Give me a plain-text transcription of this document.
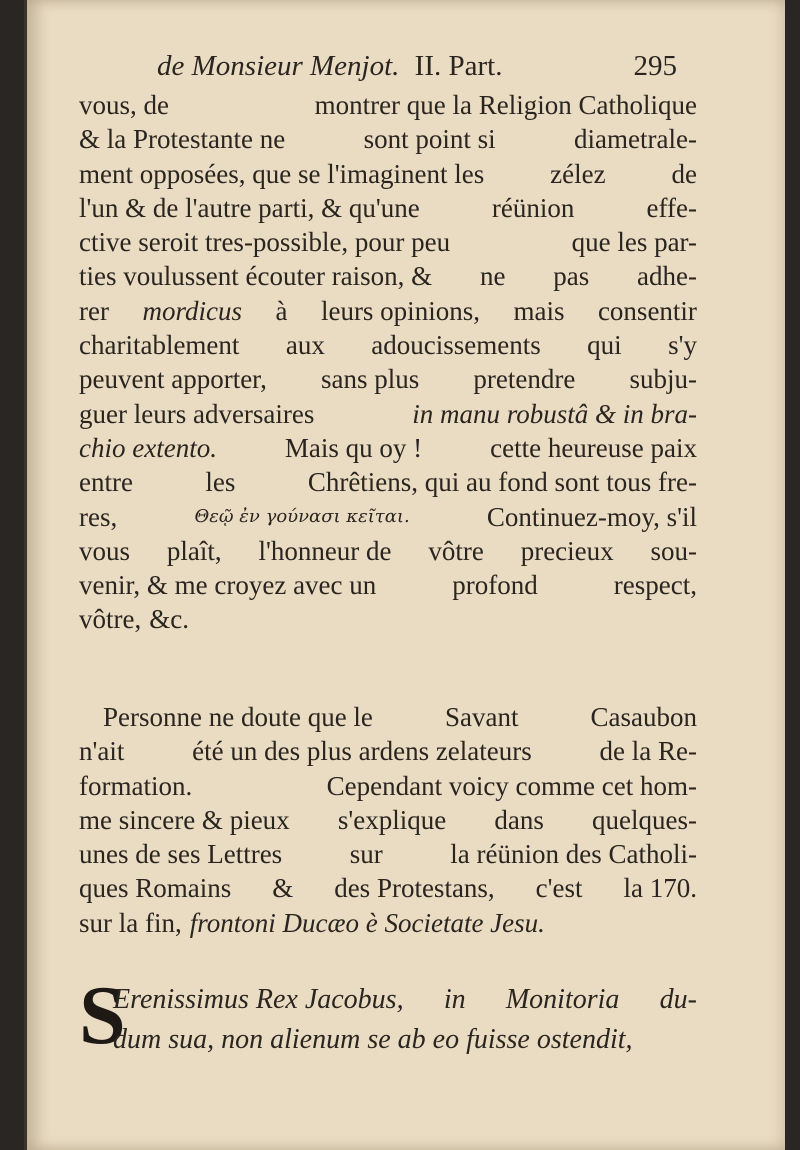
de Monsieur Menjot. II. Part.	295
vous, de	montrer que la Religion Catholique
& la Protestante ne	sont point si	diametrale-
ment opposées, que se l'imaginent les zélez de
l'un & de l'autre parti, & qu'une	réünion	effe-
ctive seroit tres-possible, pour peu	que les par-
ties voulussent écouter raison, & ne pas adhe-
rer mordicus à leurs opinions, mais consentir
charitablement aux adoucissements qui s'y
peuvent apporter, sans plus pretendre subju-
guer leurs adversaires	in manu robustâ & in bra-
chio extento.	Mais qu oy !	cette heureuse paix
entre	les	Chrêtiens, qui au fond sont tous fre-
res,	Θεῷ ἐν γούνασι κεῖται.	Continuez-moy, s'il
vous plaît, l'honneur de vôtre precieux sou-
venir, & me croyez avec un	profond	respect,
vôtre, &c.
Personne ne doute que le	Savant	Casaubon
n'ait	été un des plus ardens zelateurs	de la Re-
formation.	Cependant voicy comme cet hom-
me sincere & pieux s'explique dans quelques-
unes de ses Lettres	sur	la réünion des Catholi-
ques Romains & des Protestans, c'est la 170.
sur la fin, frontoni Ducæo è Societate Jesu.
S
Erenissimus Rex Jacobus, in Monitoria du-
dum sua, non alienum se ab eo fuisse ostendit,
